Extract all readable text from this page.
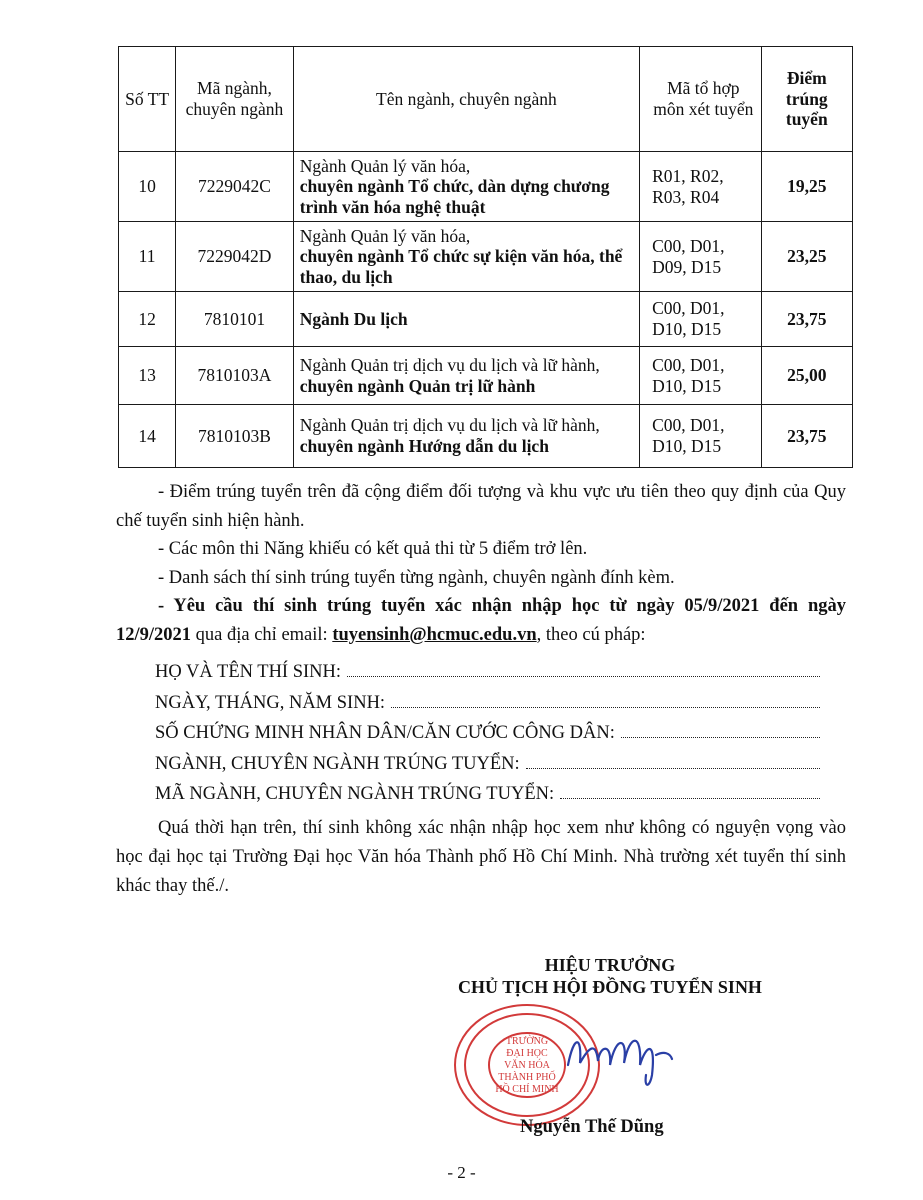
Số TT	Mã ngành, chuyên ngành	Tên ngành, chuyên ngành	Mã tổ hợp môn xét tuyển	Điểm trúng tuyển
10	7229042C	Ngành Quản lý văn hóa,
chuyên ngành Tổ chức, dàn dựng chương trình văn hóa nghệ thuật	R01, R02, R03, R04	19,25
11	7229042D	Ngành Quản lý văn hóa,
chuyên ngành Tổ chức sự kiện văn hóa, thể thao, du lịch	C00, D01, D09, D15	23,25
12	7810101	Ngành Du lịch	C00, D01, D10, D15	23,75
13	7810103A	Ngành Quản trị dịch vụ du lịch và lữ hành,
chuyên ngành Quản trị lữ hành	C00, D01, D10, D15	25,00
14	7810103B	Ngành Quản trị dịch vụ du lịch và lữ hành,
chuyên ngành Hướng dẫn du lịch	C00, D01, D10, D15	23,75

- Điểm trúng tuyển trên đã cộng điểm đối tượng và khu vực ưu tiên theo quy định của Quy chế tuyển sinh hiện hành.

- Các môn thi Năng khiếu có kết quả thi từ 5 điểm trở lên.

- Danh sách thí sinh trúng tuyển từng ngành, chuyên ngành đính kèm.

- Yêu cầu thí sinh trúng tuyển xác nhận nhập học từ ngày 05/9/2021 đến ngày 12/9/2021 qua địa chỉ email: tuyensinh@hcmuc.edu.vn, theo cú pháp:

HỌ VÀ TÊN THÍ SINH:
NGÀY, THÁNG, NĂM SINH:
SỐ CHỨNG MINH NHÂN DÂN/CĂN CƯỚC CÔNG DÂN:
NGÀNH, CHUYÊN NGÀNH TRÚNG TUYỂN:
MÃ NGÀNH, CHUYÊN NGÀNH TRÚNG TUYỂN:

Quá thời hạn trên, thí sinh không xác nhận nhập học xem như không có nguyện vọng vào học đại học tại Trường Đại học Văn hóa Thành phố Hồ Chí Minh. Nhà trường xét tuyển thí sinh khác thay thế./.

HIỆU TRƯỞNG
CHỦ TỊCH HỘI ĐỒNG TUYỂN SINH
TRƯỜNG
ĐẠI HỌC
VĂN HÓA
THÀNH PHỐ
HỒ CHÍ MINH
Nguyễn Thế Dũng
- 2 -
